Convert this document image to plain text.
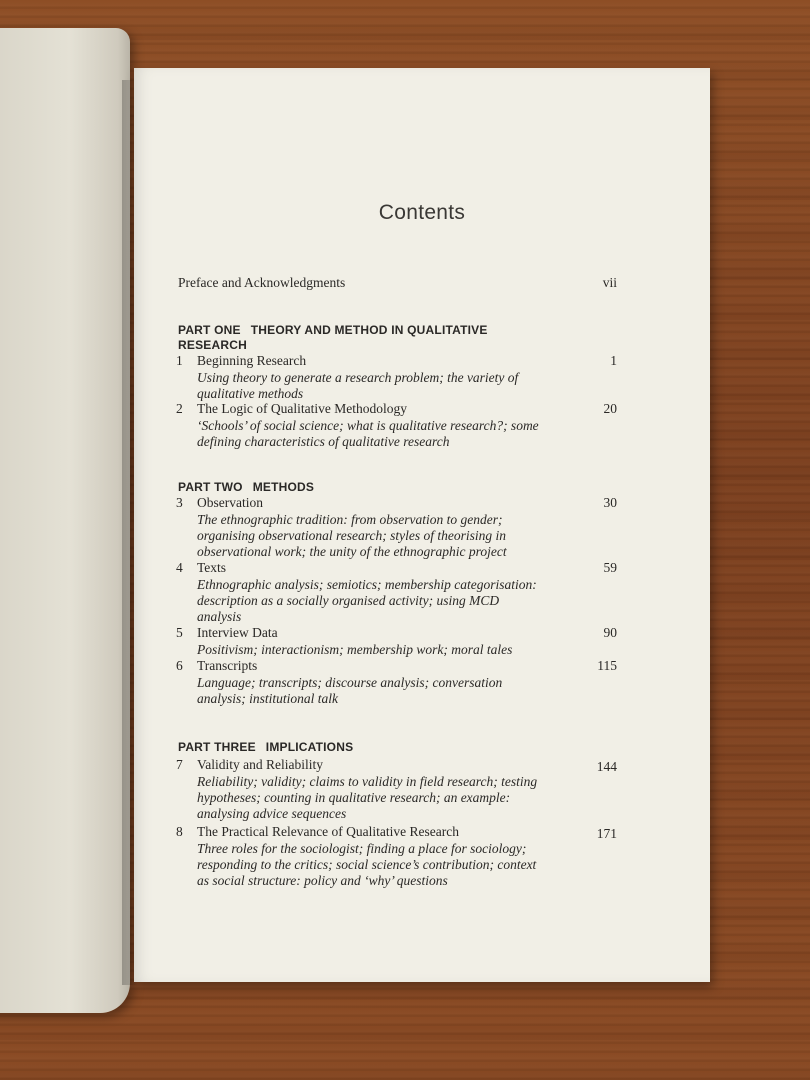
Contents
Preface and Acknowledgments	vii
PART ONE THEORY AND METHOD IN QUALITATIVE
RESEARCH
1 Beginning Research	1
Using theory to generate a research problem; the variety of
qualitative methods
2 The Logic of Qualitative Methodology	20
‘Schools’ of social science; what is qualitative research?; some
defining characteristics of qualitative research
PART TWO METHODS
3 Observation	30
The ethnographic tradition: from observation to gender;
organising observational research; styles of theorising in
observational work; the unity of the ethnographic project
4 Texts	59
Ethnographic analysis; semiotics; membership categorisation:
description as a socially organised activity; using MCD
analysis
5 Interview Data	90
Positivism; interactionism; membership work; moral tales
6 Transcripts	115
Language; transcripts; discourse analysis; conversation
analysis; institutional talk
PART THREE IMPLICATIONS
7 Validity and Reliability	144
Reliability; validity; claims to validity in field research; testing
hypotheses; counting in qualitative research; an example:
analysing advice sequences
8 The Practical Relevance of Qualitative Research	171
Three roles for the sociologist; finding a place for sociology;
responding to the critics; social science’s contribution; context
as social structure: policy and ‘why’ questions
